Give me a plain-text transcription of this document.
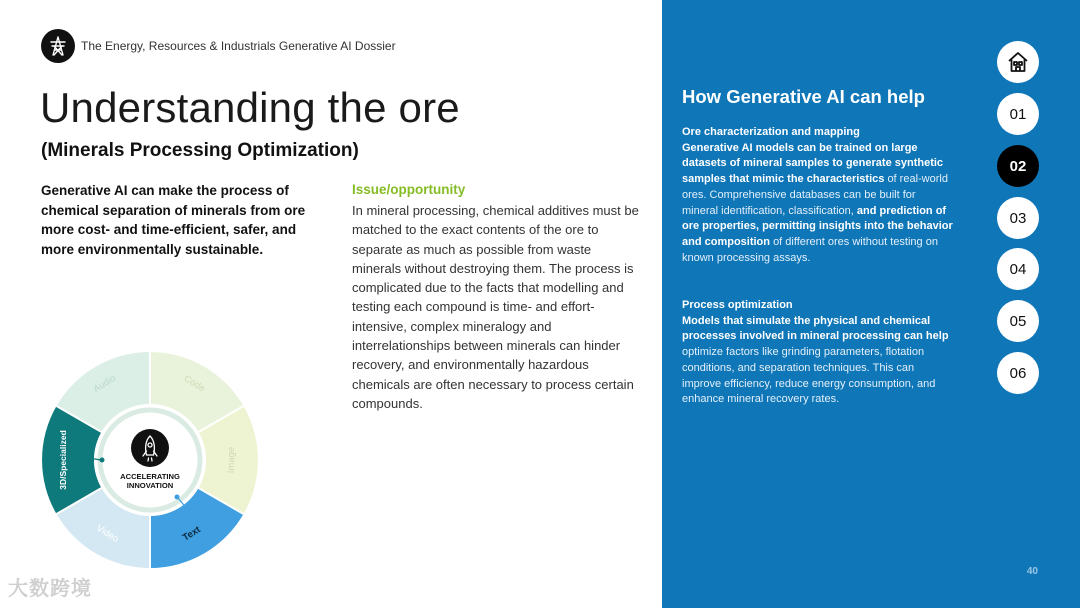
The Energy, Resources & Industrials Generative AI Dossier
Understanding the ore
(Minerals Processing Optimization)
Generative AI can make the process of chemical separation of minerals from ore more cost- and time-efficient, safer, and more environmentally sustainable.
Issue/opportunity
In mineral processing, chemical additives must be matched to the exact contents of the ore to separate as much as possible from waste minerals without destroying them. The process is complicated due to the facts that modelling and testing each compound is time- and effort-intensive, complex mineralogy and interrelationships between minerals can hinder recovery, and environmentally hazardous chemicals are often necessary to process certain compounds.
ACCELERATING
INNOVATION
Audio	Code
Image
Text
Video
3D/Specialized
大数跨境
How Generative AI can help
Ore characterization and mapping
Generative AI models can be trained on large datasets of mineral samples to generate synthetic samples that mimic the characteristics of real-world ores. Comprehensive databases can be built for mineral identification, classification, and prediction of ore properties, permitting insights into the behavior and composition of different ores without testing on known processing assays.
Process optimization
Models that simulate the physical and chemical processes involved in mineral processing can help optimize factors like grinding parameters, flotation conditions, and separation techniques. This can improve efficiency, reduce energy consumption, and enhance mineral recovery rates.
01
02
03
04
05
06
40
